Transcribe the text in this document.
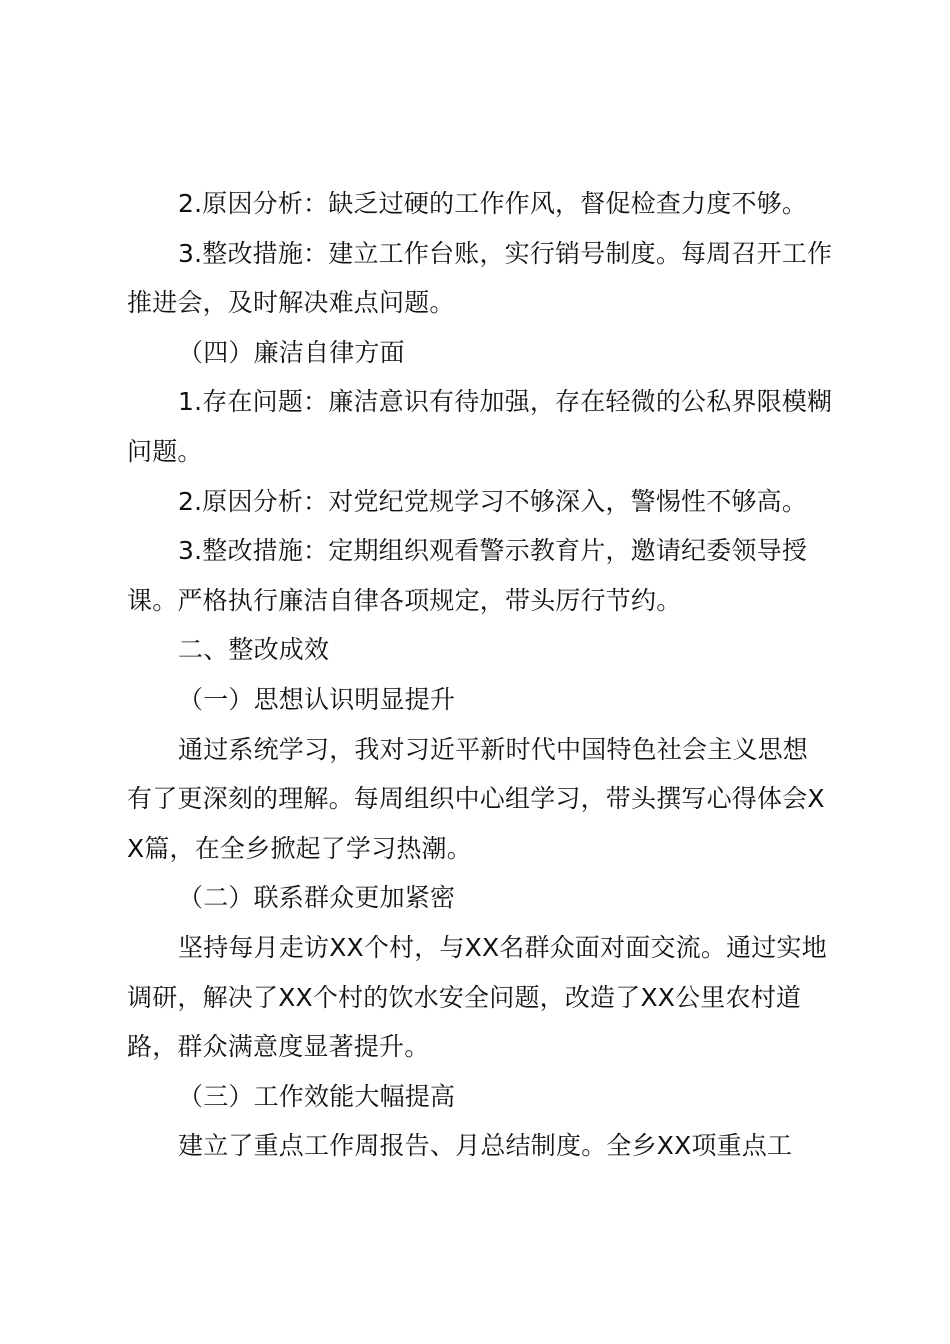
2.原因分析：缺乏过硬的工作作风，督促检查力度不够。

3.整改措施：建立工作台账，实行销号制度。每周召开工作推进会，及时解决难点问题。

（四）廉洁自律方面

1.存在问题：廉洁意识有待加强，存在轻微的公私界限模糊问题。

2.原因分析：对党纪党规学习不够深入，警惕性不够高。

3.整改措施：定期组织观看警示教育片，邀请纪委领导授课。严格执行廉洁自律各项规定，带头厉行节约。

二、整改成效

（一）思想认识明显提升

通过系统学习，我对习近平新时代中国特色社会主义思想有了更深刻的理解。每周组织中心组学习，带头撰写心得体会XX篇，在全乡掀起了学习热潮。

（二）联系群众更加紧密

坚持每月走访XX个村，与XX名群众面对面交流。通过实地调研，解决了XX个村的饮水安全问题，改造了XX公里农村道路，群众满意度显著提升。

（三）工作效能大幅提高

建立了重点工作周报告、月总结制度。全乡XX项重点工
